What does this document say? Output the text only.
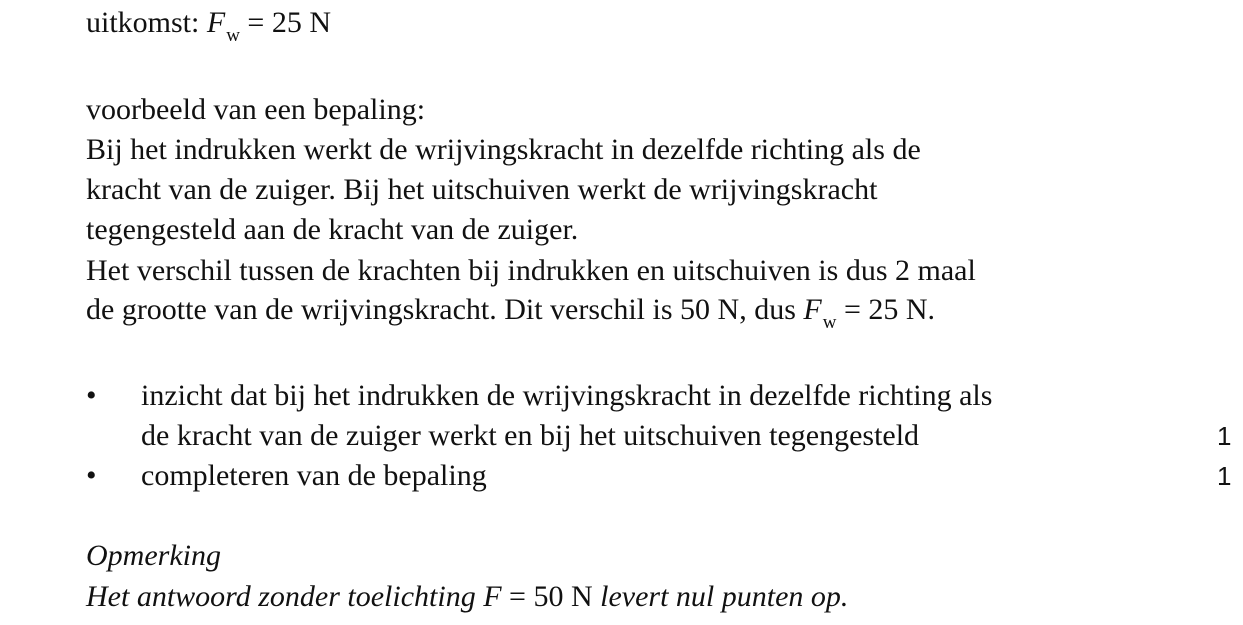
uitkomst: $F_w = 25$ N
voorbeeld van een bepaling:
Bij het indrukken werkt de wrijvingskracht in dezelfde richting als de
kracht van de zuiger. Bij het uitschuiven werkt de wrijvingskracht
tegengesteld aan de kracht van de zuiger.
Het verschil tussen de krachten bij indrukken en uitschuiven is dus 2 maal
de grootte van de wrijvingskracht. Dit verschil is 50 N, dus $F_w = 25$ N.
• inzicht dat bij het indrukken de wrijvingskracht in dezelfde richting als
de kracht van de zuiger werkt en bij het uitschuiven tegengesteld	1
• completeren van de bepaling	1
Opmerking
Het antwoord zonder toelichting F = 50 N levert nul punten op.
